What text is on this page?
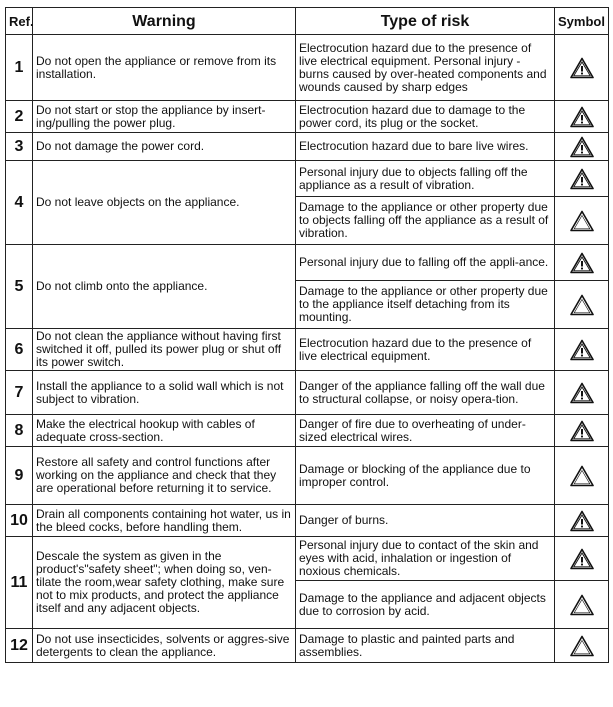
Ref.	Warning	Type of risk	Symbol
1	Do not open the appliance or remove from its installation.	Electrocution hazard due to the presence of live electrical equipment. Personal injury - burns caused by over-heated components and wounds caused by sharp edges	

2	Do not start or stop the appliance by insert-ing/pulling the power plug.	Electrocution hazard due to damage to the power cord, its plug or the socket.	

3	Do not damage the power cord.	Electrocution hazard due to bare live wires.	

4	Do not leave objects on the appliance.	Personal injury due to objects falling off the appliance as a result of vibration.	

		Damage to the appliance or other property due to objects falling off the appliance as a result of vibration.	

5	Do not climb onto the appliance.	Personal injury due to falling off the appli-ance.	

		Damage to the appliance or other property due to the appliance itself detaching from its mounting.	

6	Do not clean the appliance without having first switched it off, pulled its power plug or shut off its power switch.	Electrocution hazard due to the presence of live electrical equipment.	

7	Install the appliance to a solid wall which is not subject to vibration.	Danger of the appliance falling off the wall due to structural collapse, or noisy opera-tion.	

8	Make the electrical hookup with cables of adequate cross-section.	Danger of fire due to overheating of under-sized electrical wires.	

9	Restore all safety and control functions after working on the appliance and check that they are operational before returning it to service.	Damage or blocking of the appliance due to improper control.	

10	Drain all components containing hot water, us in the bleed cocks, before handling them.	Danger of burns.	

11	Descale the system as given in the product's"safety sheet"; when doing so, ven-tilate the room,wear safety clothing, make sure not to mix products, and protect the appliance itself and any adjacent objects.	Personal injury due to contact of the skin and eyes with acid, inhalation or ingestion of noxious chemicals.	

		Damage to the appliance and adjacent objects due to corrosion by acid.	

12	Do not use insecticides, solvents or aggres-sive detergents to clean the appliance.	Damage to plastic and painted parts and assemblies.	
